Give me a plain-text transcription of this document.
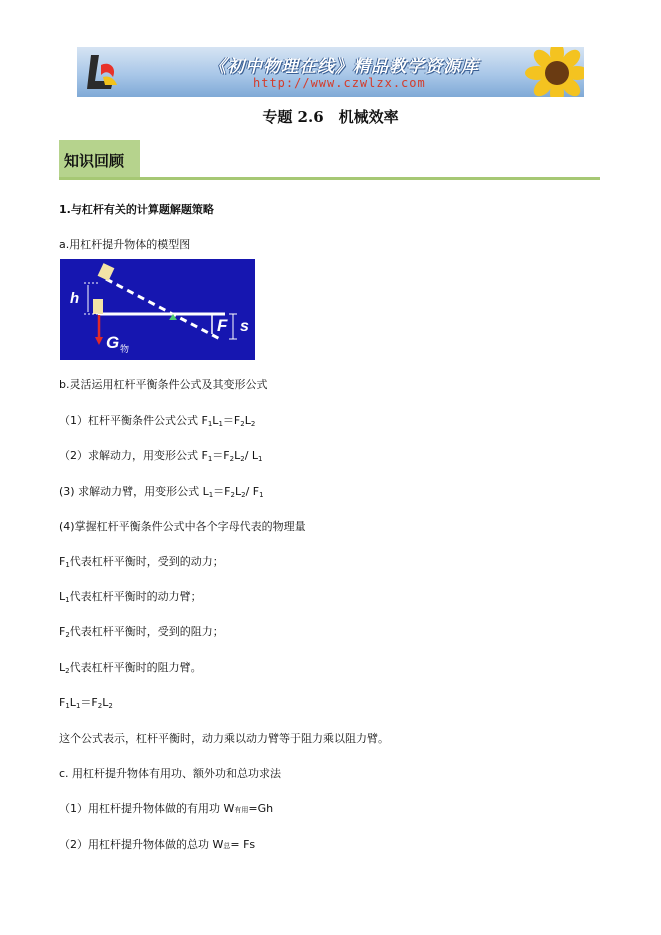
《初中物理在线》精品教学资源库
http://www.czwlzx.com
专题 2.6　机械效率
知识回顾
1.与杠杆有关的计算题解题策略
a.用杠杆提升物体的模型图
h
G 物
F s
b.灵活运用杠杆平衡条件公式及其变形公式
（1）杠杆平衡条件公式公式 $F_1L_1=F_2L_2$
（2）求解动力，用变形公式 $F_1=F_2L_2/$ $L_1$
(3) 求解动力臂，用变形公式 $L_1=F_2L_2/$ $F_1$
(4)掌握杠杆平衡条件公式中各个字母代表的物理量
$F_1$代表杠杆平衡时，受到的动力；
$L_1$代表杠杆平衡时的动力臂；
$F_2$代表杠杆平衡时，受到的阻力；
$L_2$代表杠杆平衡时的阻力臂。
$F_1L_1=F_2L_2$
这个公式表示，杠杆平衡时，动力乘以动力臂等于阻力乘以阻力臂。
c. 用杠杆提升物体有用功、额外功和总功求法
（1）用杠杆提升物体做的有用功 W有用=Gh
（2）用杠杆提升物体做的总功 W总= Fs
